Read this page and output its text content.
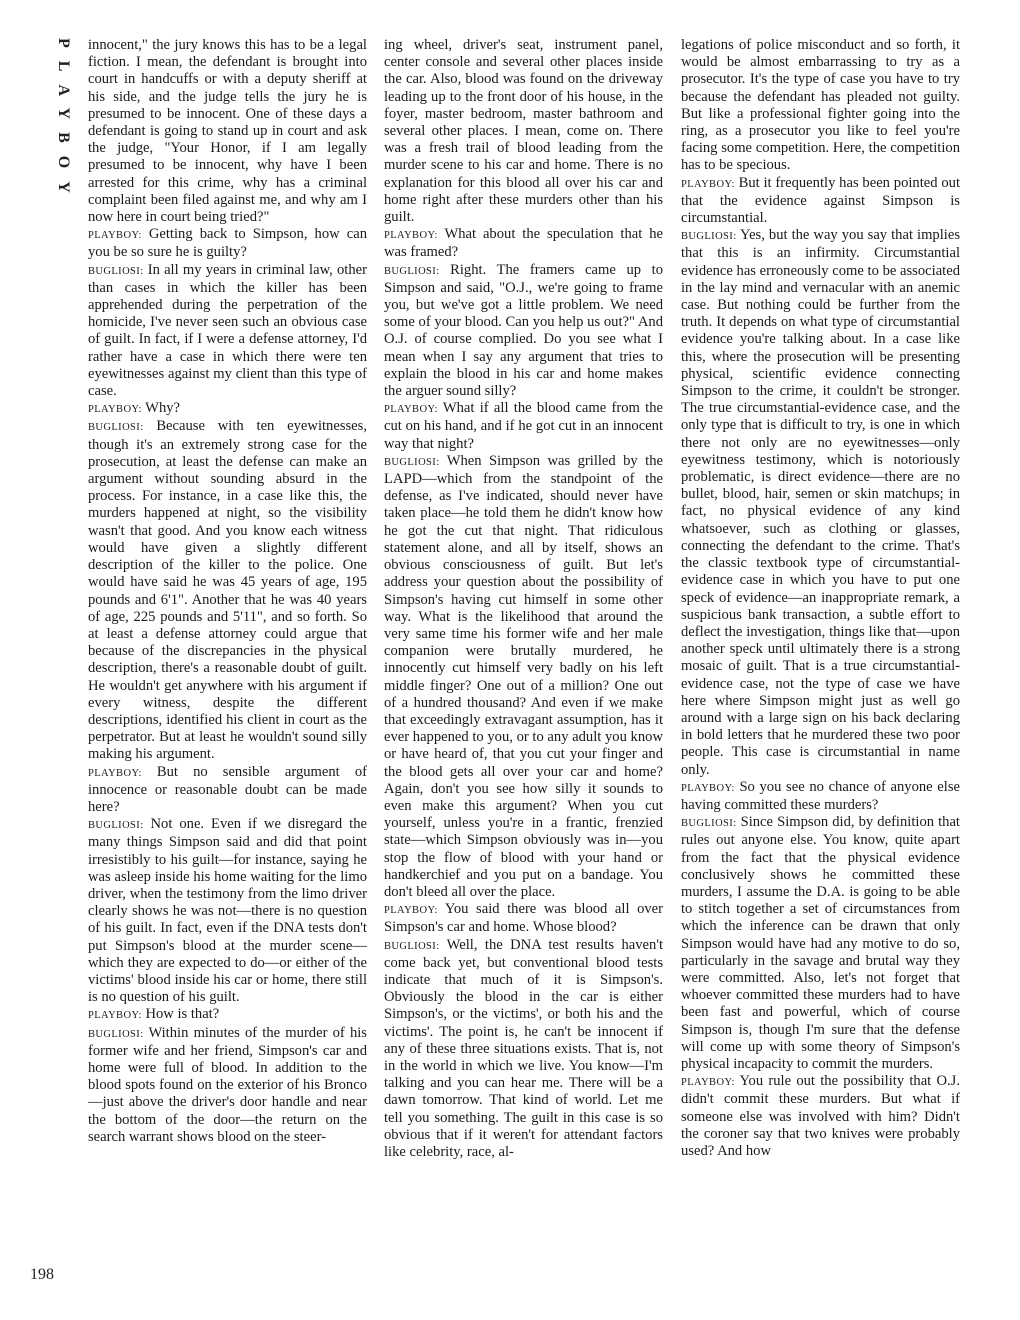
PLAYBOY
198

innocent," the jury knows this has to be a legal fiction. I mean, the defendant is brought into court in handcuffs or with a deputy sheriff at his side, and the judge tells the jury he is presumed to be innocent. One of these days a defendant is going to stand up in court and ask the judge, "Your Honor, if I am legally presumed to be innocent, why have I been arrested for this crime, why has a criminal complaint been filed against me, and why am I now here in court being tried?"

PLAYBOY: Getting back to Simpson, how can you be so sure he is guilty?

BUGLIOSI: In all my years in criminal law, other than cases in which the killer has been apprehended during the perpetration of the homicide, I've never seen such an obvious case of guilt. In fact, if I were a defense attorney, I'd rather have a case in which there were ten eyewitnesses against my client than this type of case.

PLAYBOY: Why?

BUGLIOSI: Because with ten eyewitnesses, though it's an extremely strong case for the prosecution, at least the defense can make an argument without sounding absurd in the process. For instance, in a case like this, the murders happened at night, so the visibility wasn't that good. And you know each witness would have given a slightly different description of the killer to the police. One would have said he was 45 years of age, 195 pounds and 6'1". Another that he was 40 years of age, 225 pounds and 5'11", and so forth. So at least a defense attorney could argue that because of the discrepancies in the physical description, there's a reasonable doubt of guilt. He wouldn't get anywhere with his argument if every witness, despite the different descriptions, identified his client in court as the perpetrator. But at least he wouldn't sound silly making his argument.

PLAYBOY: But no sensible argument of innocence or reasonable doubt can be made here?

BUGLIOSI: Not one. Even if we disregard the many things Simpson said and did that point irresistibly to his guilt—for instance, saying he was asleep inside his home waiting for the limo driver, when the testimony from the limo driver clearly shows he was not—there is no question of his guilt. In fact, even if the DNA tests don't put Simpson's blood at the murder scene—which they are expected to do—or either of the victims' blood inside his car or home, there still is no question of his guilt.

PLAYBOY: How is that?

BUGLIOSI: Within minutes of the murder of his former wife and her friend, Simpson's car and home were full of blood. In addition to the blood spots found on the exterior of his Bronco—just above the driver's door handle and near the bottom of the door—the return on the search warrant shows blood on the steer-

ing wheel, driver's seat, instrument panel, center console and several other places inside the car. Also, blood was found on the driveway leading up to the front door of his house, in the foyer, master bedroom, master bathroom and several other places. I mean, come on. There was a fresh trail of blood leading from the murder scene to his car and home. There is no explanation for this blood all over his car and home right after these murders other than his guilt.

PLAYBOY: What about the speculation that he was framed?

BUGLIOSI: Right. The framers came up to Simpson and said, "O.J., we're going to frame you, but we've got a little problem. We need some of your blood. Can you help us out?" And O.J. of course complied. Do you see what I mean when I say any argument that tries to explain the blood in his car and home makes the arguer sound silly?

PLAYBOY: What if all the blood came from the cut on his hand, and if he got cut in an innocent way that night?

BUGLIOSI: When Simpson was grilled by the LAPD—which from the standpoint of the defense, as I've indicated, should never have taken place—he told them he didn't know how he got the cut that night. That ridiculous statement alone, and all by itself, shows an obvious consciousness of guilt. But let's address your question about the possibility of Simpson's having cut himself in some other way. What is the likelihood that around the very same time his former wife and her male companion were brutally murdered, he innocently cut himself very badly on his left middle finger? One out of a million? One out of a hundred thousand? And even if we make that exceedingly extravagant assumption, has it ever happened to you, or to any adult you know or have heard of, that you cut your finger and the blood gets all over your car and home? Again, don't you see how silly it sounds to even make this argument? When you cut yourself, unless you're in a frantic, frenzied state—which Simpson obviously was in—you stop the flow of blood with your hand or handkerchief and you put on a bandage. You don't bleed all over the place.

PLAYBOY: You said there was blood all over Simpson's car and home. Whose blood?

BUGLIOSI: Well, the DNA test results haven't come back yet, but conventional blood tests indicate that much of it is Simpson's. Obviously the blood in the car is either Simpson's, or the victims', or both his and the victims'. The point is, he can't be innocent if any of these three situations exists. That is, not in the world in which we live. You know—I'm talking and you can hear me. There will be a dawn tomorrow. That kind of world. Let me tell you something. The guilt in this case is so obvious that if it weren't for attendant factors like celebrity, race, al-

legations of police misconduct and so forth, it would be almost embarrassing to try as a prosecutor. It's the type of case you have to try because the defendant has pleaded not guilty. But like a professional fighter going into the ring, as a prosecutor you like to feel you're facing some competition. Here, the competition has to be specious.

PLAYBOY: But it frequently has been pointed out that the evidence against Simpson is circumstantial.

BUGLIOSI: Yes, but the way you say that implies that this is an infirmity. Circumstantial evidence has erroneously come to be associated in the lay mind and vernacular with an anemic case. But nothing could be further from the truth. It depends on what type of circumstantial evidence you're talking about. In a case like this, where the prosecution will be presenting physical, scientific evidence connecting Simpson to the crime, it couldn't be stronger. The true circumstantial-evidence case, and the only type that is difficult to try, is one in which there not only are no eyewitnesses—only eyewitness testimony, which is notoriously problematic, is direct evidence—there are no bullet, blood, hair, semen or skin matchups; in fact, no physical evidence of any kind whatsoever, such as clothing or glasses, connecting the defendant to the crime. That's the classic textbook type of circumstantial-evidence case in which you have to put one speck of evidence—an inappropriate remark, a suspicious bank transaction, a subtle effort to deflect the investigation, things like that—upon another speck until ultimately there is a strong mosaic of guilt. That is a true circumstantial-evidence case, not the type of case we have here where Simpson might just as well go around with a large sign on his back declaring in bold letters that he murdered these two poor people. This case is circumstantial in name only.

PLAYBOY: So you see no chance of anyone else having committed these murders?

BUGLIOSI: Since Simpson did, by definition that rules out anyone else. You know, quite apart from the fact that the physical evidence conclusively shows he committed these murders, I assume the D.A. is going to be able to stitch together a set of circumstances from which the inference can be drawn that only Simpson would have had any motive to do so, particularly in the savage and brutal way they were committed. Also, let's not forget that whoever committed these murders had to have been fast and powerful, which of course Simpson is, though I'm sure that the defense will come up with some theory of Simpson's physical incapacity to commit the murders.

PLAYBOY: You rule out the possibility that O.J. didn't commit these murders. But what if someone else was involved with him? Didn't the coroner say that two knives were probably used? And how
